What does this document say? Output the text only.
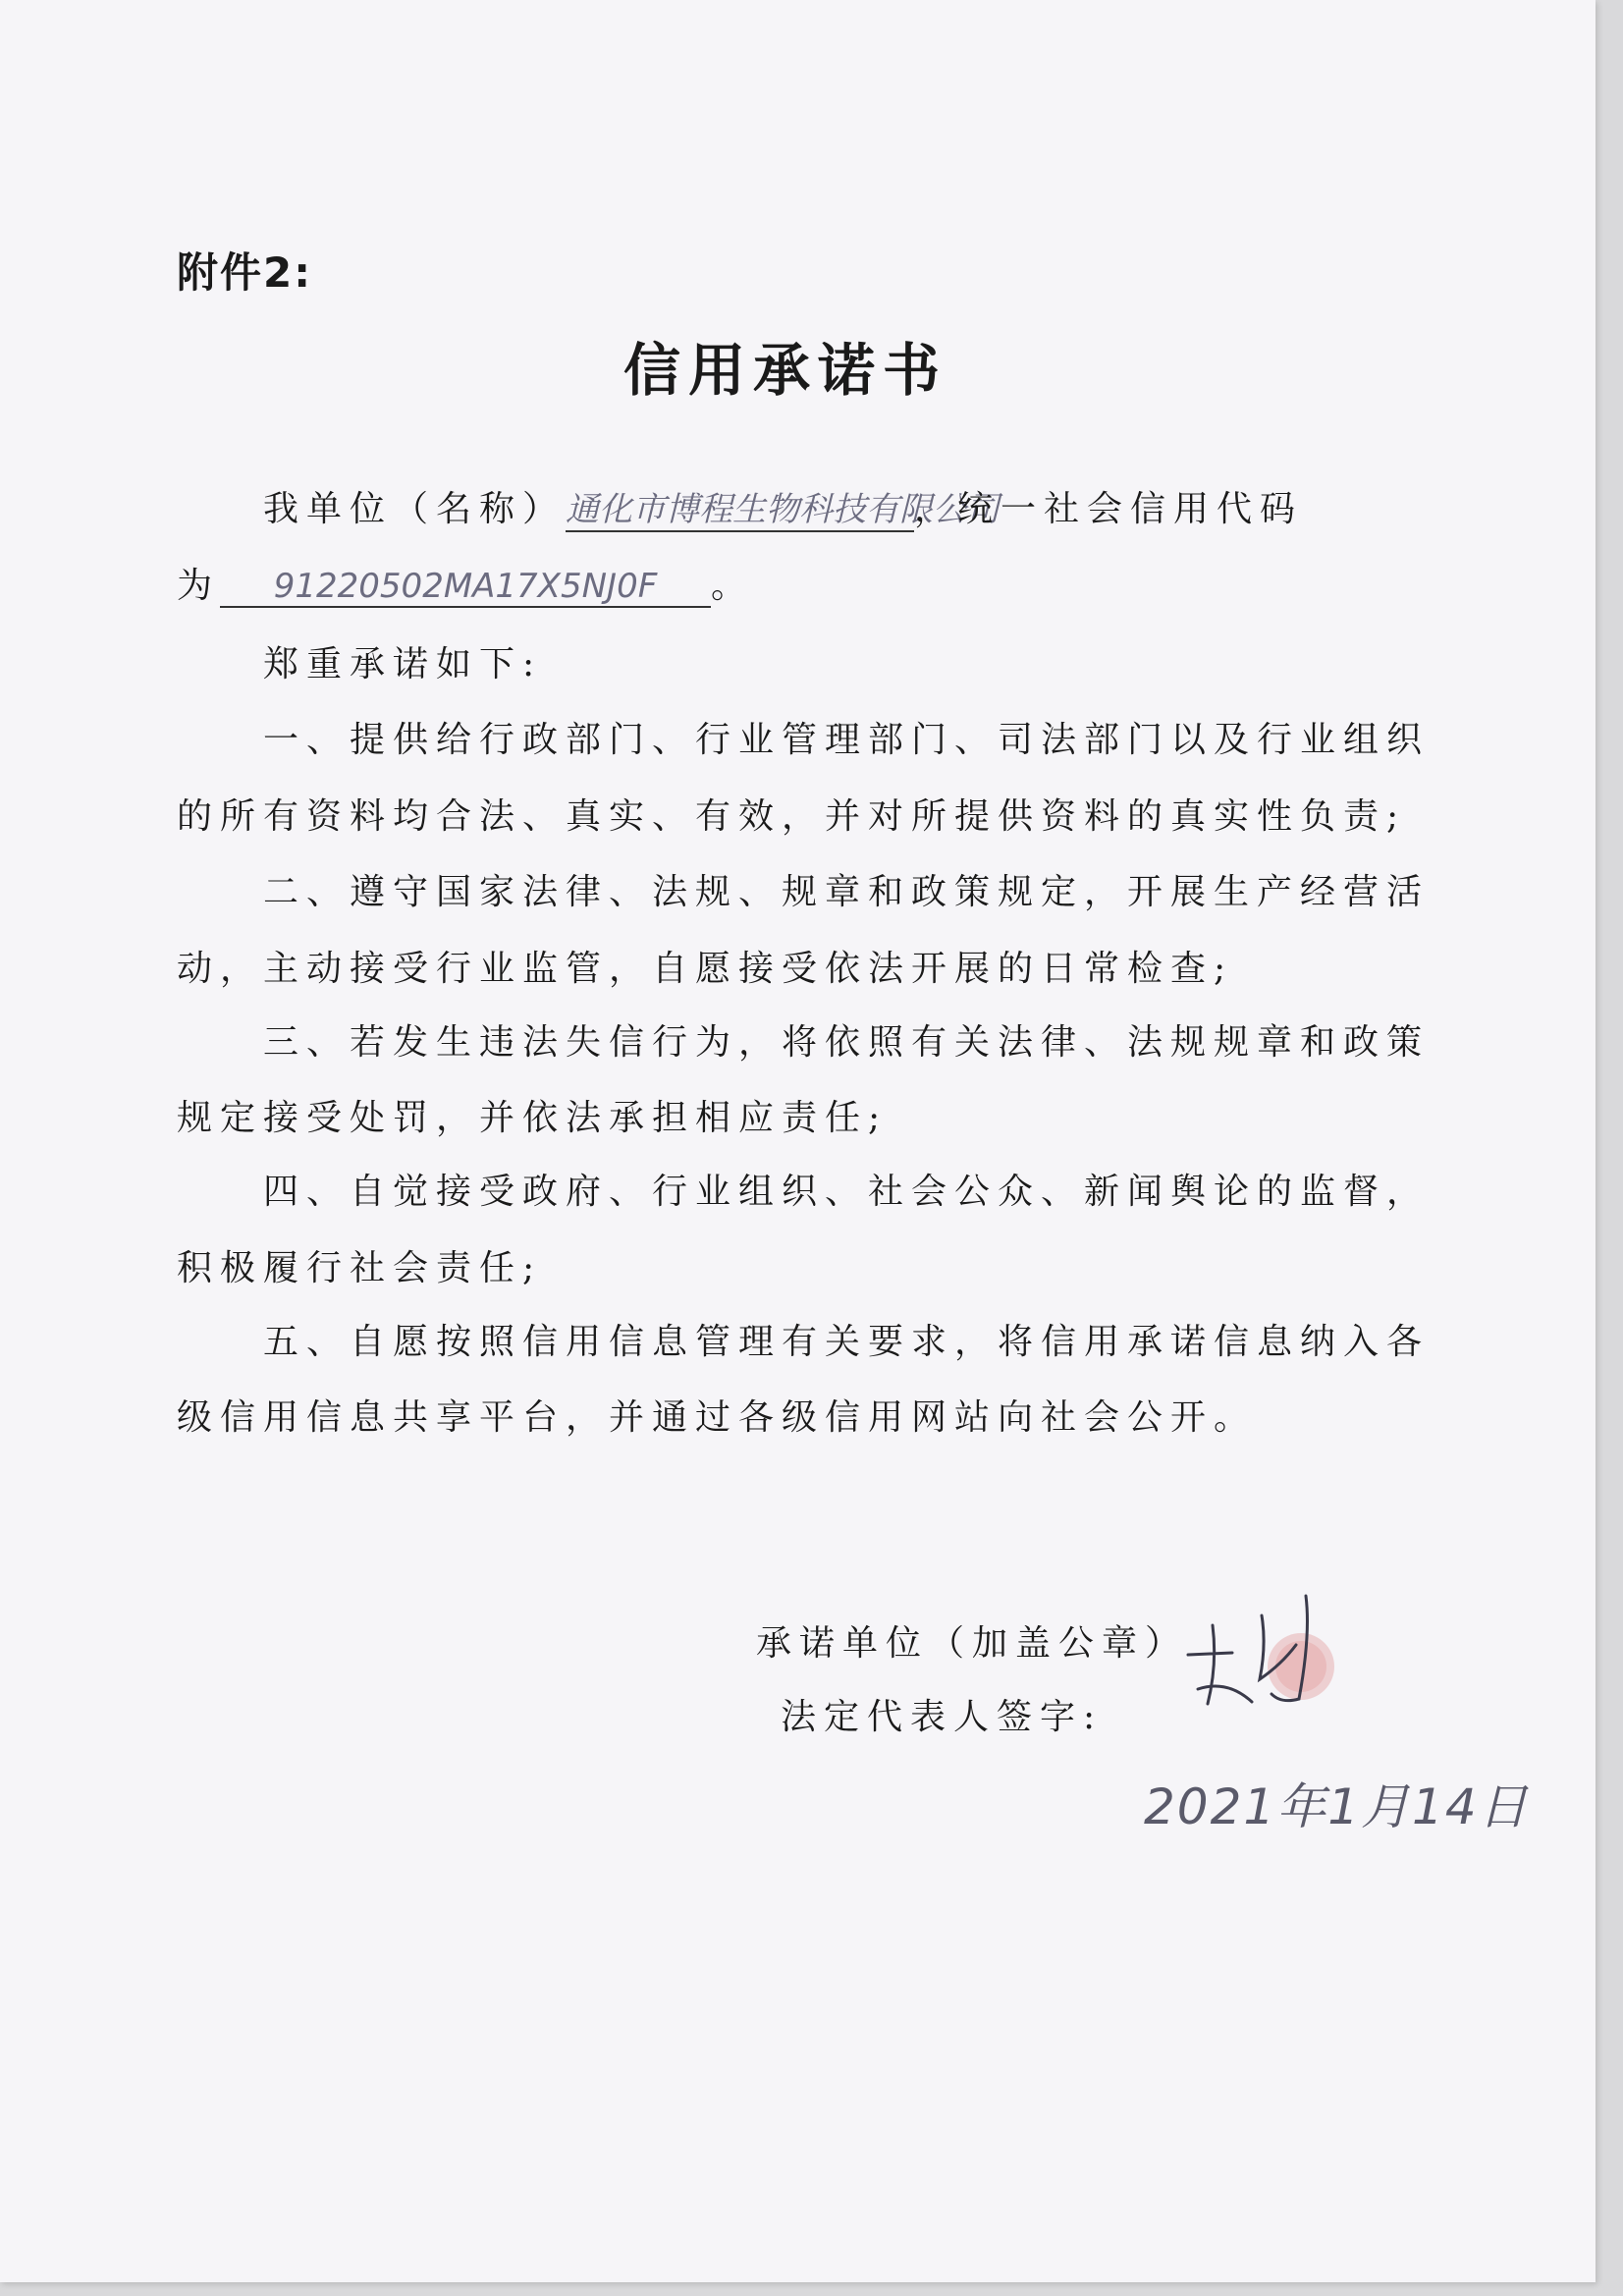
附件2:
信用承诺书
我单位（名称）通化市博程生物科技有限公司，统一社会信用代码
为 91220502MA17X5NJ0F 。
郑重承诺如下:
一、提供给行政部门、行业管理部门、司法部门以及行业组织
的所有资料均合法、真实、有效，并对所提供资料的真实性负责;
二、遵守国家法律、法规、规章和政策规定，开展生产经营活
动，主动接受行业监管，自愿接受依法开展的日常检查;
三、若发生违法失信行为，将依照有关法律、法规规章和政策
规定接受处罚，并依法承担相应责任;
四、自觉接受政府、行业组织、社会公众、新闻舆论的监督，
积极履行社会责任;
五、自愿按照信用信息管理有关要求，将信用承诺信息纳入各
级信用信息共享平台，并通过各级信用网站向社会公开。
承诺单位（加盖公章）
法定代表人签字:
2021年1月14日
